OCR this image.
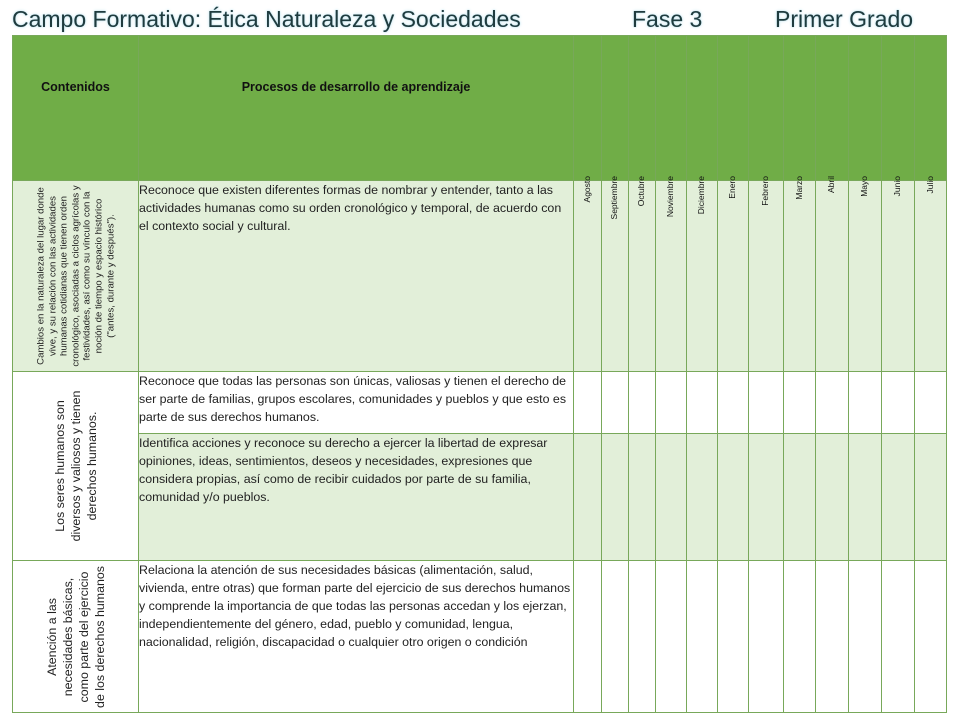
Campo Formativo: Ética Naturaleza y Sociedades	Fase 3	Primer Grado
Contenidos	Procesos de desarrollo de aprendizaje	Agosto	Septiembre	Octubre	Noviembre	Diciembre	Enero	Febrero	Marzo	Abril	Mayo	Junio	Julio

Cambios en la naturaleza del lugar donde vive, y su relación con las actividades humanas cotidianas que tienen orden cronológico, asociadas a ciclos agrícolas y festividades, así como su vínculo con la noción de tiempo y espacio histórico ("antes, durante y después").	Reconoce que existen diferentes formas de nombrar y entender, tanto a las actividades humanas como su orden cronológico y temporal, de acuerdo con el contexto social y cultural.												

Los seres humanos son diversos y valiosos y tienen derechos humanos.	Reconoce que todas las personas son únicas, valiosas y tienen el derecho de ser parte de familias, grupos escolares, comunidades y pueblos y que esto es parte de sus derechos humanos.												
	Identifica acciones y reconoce su derecho a ejercer la libertad de expresar opiniones, ideas, sentimientos, deseos y necesidades, expresiones que considera propias, así como de recibir cuidados por parte de su familia, comunidad y/o pueblos.												

Atención a las necesidades básicas, como parte del ejercicio de los derechos humanos	Relaciona la atención de sus necesidades básicas (alimentación, salud, vivienda, entre otras) que forman parte del ejercicio de sus derechos humanos y comprende la importancia de que todas las personas accedan y los ejerzan, independientemente del género, edad, pueblo y comunidad, lengua, nacionalidad, religión, discapacidad o cualquier otro origen o condición												
